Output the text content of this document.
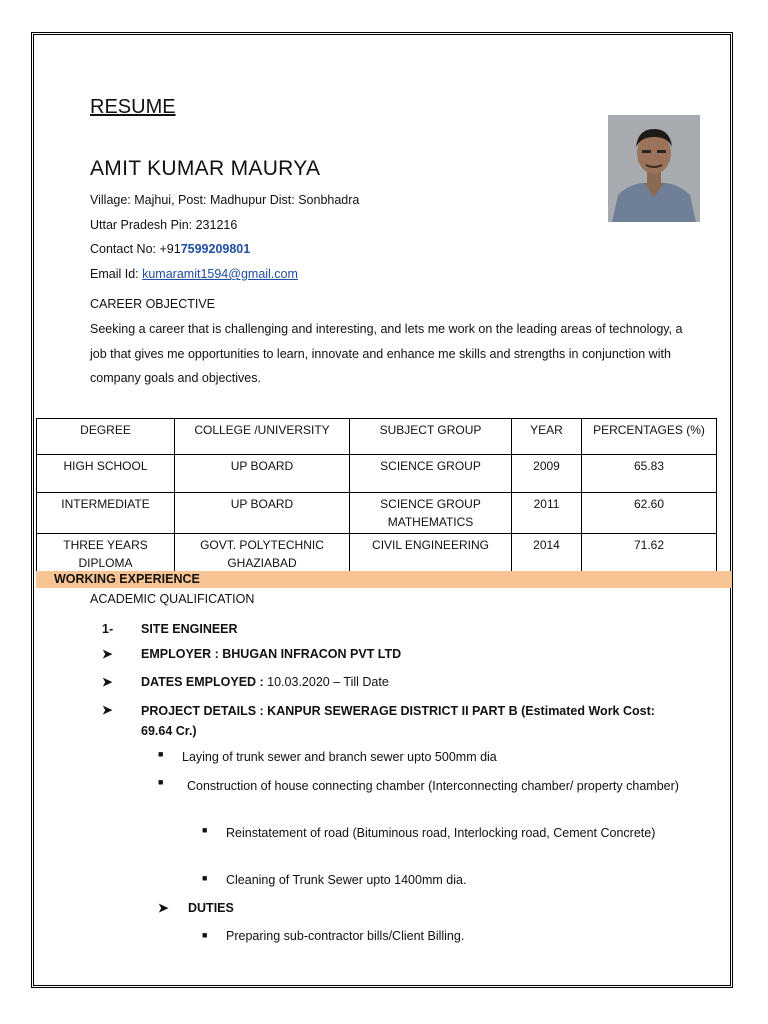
RESUME
AMIT KUMAR MAURYA
Village: Majhui, Post: Madhupur Dist: Sonbhadra
Uttar Pradesh Pin: 231216
Contact No: +917599209801
Email Id: kumaramit1594@gmail.com
CAREER OBJECTIVE
Seeking a career that is challenging and interesting, and lets me work on the leading areas of technology, a job that gives me opportunities to learn, innovate and enhance me skills and strengths in conjunction with company goals and objectives.
DEGREE	COLLEGE /UNIVERSITY	SUBJECT GROUP	YEAR	PERCENTAGES (%)
HIGH SCHOOL	UP BOARD	SCIENCE GROUP	2009	65.83
INTERMEDIATE	UP BOARD	SCIENCE GROUP MATHEMATICS	2011	62.60
THREE YEARS DIPLOMA	GOVT. POLYTECHNIC GHAZIABAD	CIVIL ENGINEERING	2014	71.62
WORKING EXPERIENCE
ACADEMIC QUALIFICATION
1- SITE ENGINEER
➤ EMPLOYER : BHUGAN INFRACON PVT LTD
➤ DATES EMPLOYED : 10.03.2020 – Till Date
➤ PROJECT DETAILS : KANPUR SEWERAGE DISTRICT II PART B (Estimated Work Cost: 69.64 Cr.)
■ Laying of trunk sewer and branch sewer upto 500mm dia
■ Construction of house connecting chamber (Interconnecting chamber/ property chamber)
■ Reinstatement of road (Bituminous road, Interlocking road, Cement Concrete)
■ Cleaning of Trunk Sewer upto 1400mm dia.
➤ DUTIES
■ Preparing sub-contractor bills/Client Billing.
